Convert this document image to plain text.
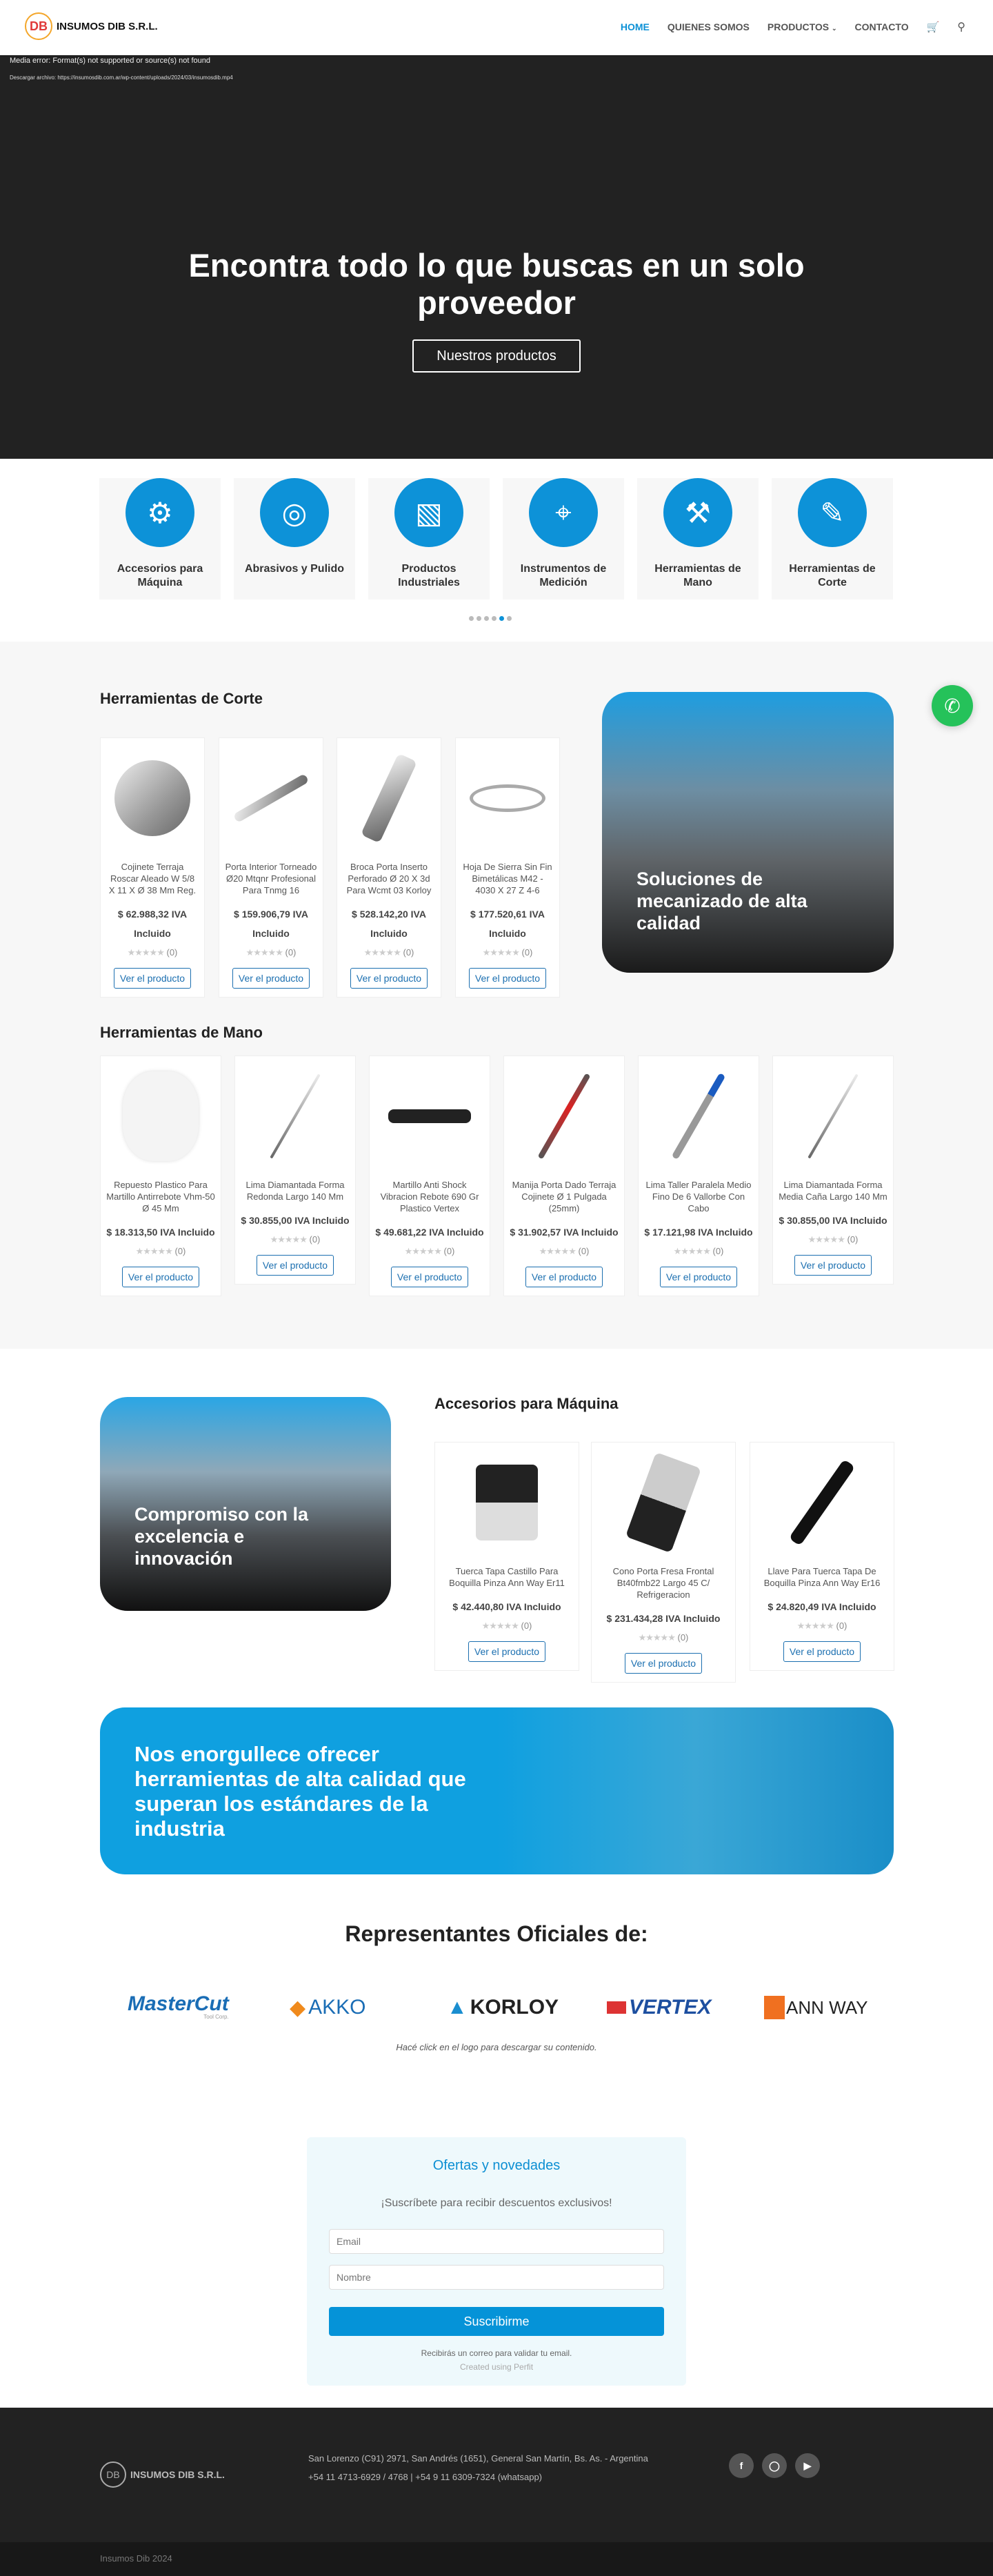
DB INSUMOS DIB S.R.L.	HOME QUIENES SOMOS PRODUCTOS ⌄ CONTACTO 🛒 ⚲
Media error: Format(s) not supported or source(s) not found
Descargar archivo: https://insumosdib.com.ar/wp-content/uploads/2024/03/insumosdib.mp4
Encontra todo lo que buscas en un solo proveedor
Nuestros productos
⚙
Accesorios para Máquina
◎
Abrasivos y Pulido
▧
Productos Industriales
⌖
Instrumentos de Medición
⚒
Herramientas de Mano
✎
Herramientas de Corte
Herramientas de Corte
Cojinete Terraja Roscar Aleado W 5/8 X 11 X Ø 38 Mm Reg.
$ 62.988,32 IVA Incluido
★★★★★ (0)
Ver el producto
Porta Interior Torneado Ø20 Mtqnr Profesional Para Tnmg 16
$ 159.906,79 IVA Incluido
★★★★★ (0)
Ver el producto
Broca Porta Inserto Perforado Ø 20 X 3d Para Wcmt 03 Korloy
$ 528.142,20 IVA Incluido
★★★★★ (0)
Ver el producto
Hoja De Sierra Sin Fin Bimetálicas M42 - 4030 X 27 Z 4-6
$ 177.520,61 IVA Incluido
★★★★★ (0)
Ver el producto
Soluciones de mecanizado de alta calidad
✆
Herramientas de Mano
Repuesto Plastico Para Martillo Antirrebote Vhm-50 Ø 45 Mm
$ 18.313,50 IVA Incluido
★★★★★ (0)
Ver el producto
Lima Diamantada Forma Redonda Largo 140 Mm
$ 30.855,00 IVA Incluido
★★★★★ (0)
Ver el producto
Martillo Anti Shock Vibracion Rebote 690 Gr Plastico Vertex
$ 49.681,22 IVA Incluido
★★★★★ (0)
Ver el producto
Manija Porta Dado Terraja Cojinete Ø 1 Pulgada (25mm)
$ 31.902,57 IVA Incluido
★★★★★ (0)
Ver el producto
Lima Taller Paralela Medio Fino De 6 Vallorbe Con Cabo
$ 17.121,98 IVA Incluido
★★★★★ (0)
Ver el producto
Lima Diamantada Forma Media Caña Largo 140 Mm
$ 30.855,00 IVA Incluido
★★★★★ (0)
Ver el producto
Compromiso con la excelencia e innovación
Accesorios para Máquina
Tuerca Tapa Castillo Para Boquilla Pinza Ann Way Er11
$ 42.440,80 IVA Incluido
★★★★★ (0)
Ver el producto
Cono Porta Fresa Frontal Bt40fmb22 Largo 45 C/ Refrigeracion
$ 231.434,28 IVA Incluido
★★★★★ (0)
Ver el producto
Llave Para Tuerca Tapa De Boquilla Pinza Ann Way Er16
$ 24.820,49 IVA Incluido
★★★★★ (0)
Ver el producto
Nos enorgullece ofrecer herramientas de alta calidad que superan los estándares de la industria
Representantes Oficiales de:
MasterCut
Tool Corp.	◆ AKKO	▲ KORLOY	VERTEX	ANN WAY
Hacé click en el logo para descargar su contenido.
Ofertas y novedades

¡Suscríbete para recibir descuentos exclusivos!

Email
Nombre
Suscribirme

Recibirás un correo para validar tu email.

Created using Perfit

DB	INSUMOS DIB S.R.L.
San Lorenzo (C91) 2971, San Andrés (1651), General San Martín, Bs. As. - Argentina
+54 11 4713-6929 / 4768 | +54 9 11 6309-7324 (whatsapp)
f	◯	▶
Insumos Dib 2024
